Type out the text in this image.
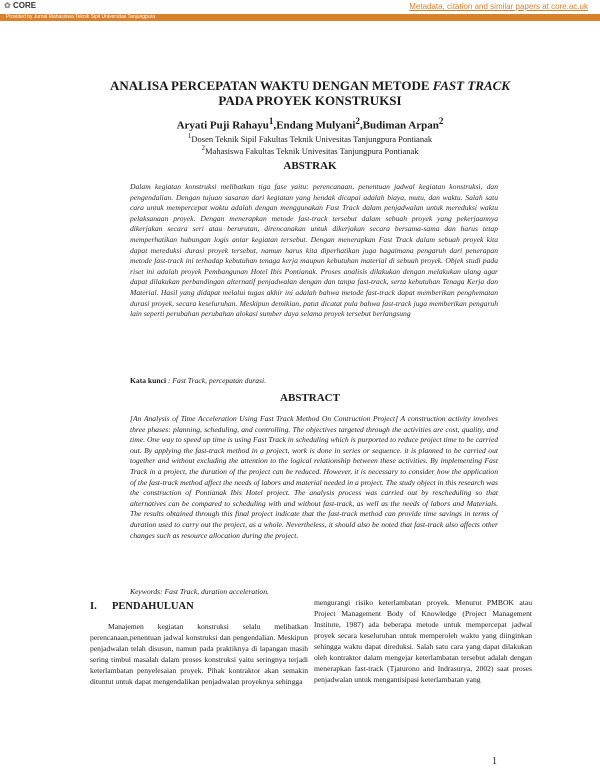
✿ CORE	Metadata, citation and similar papers at core.ac.uk
Provided by Jurnal Mahasiswa Teknik Sipil Universitas Tanjungpura
ANALISA PERCEPATAN WAKTU DENGAN METODE FAST TRACK
PADA PROYEK KONSTRUKSI
Aryati Puji Rahayu$^1$,Endang Mulyani$^2$,Budiman Arpan$^2$
$^1$Dosen Teknik Sipil Fakultas Teknik Univesitas Tanjungpura Pontianak
$^2$Mahasiswa Fakultas Teknik Univesitas Tanjungpura Pontianak
ABSTRAK
Dalam kegiatan konstruksi melibatkan tiga fase yaitu: perencanaan, penentuan jadwal kegiatan konstruksi, dan pengendalian. Dengan tujuan sasaran dari kegiatan yang hendak dicapai adalah biaya, mutu, dan waktu. Salah satu cara untuk mempercepat waktu adalah dengan menggunakan Fast Track dalam penjadwalan untuk mereduksi waktu pelaksanaan proyek. Dengan menerapkan metode fast-track tersebut dalam sebuah proyek yang pekerjaannya dikerjakan secara seri atau berurutan, direncanakan untuk dikerjakan secara bersama-sama dan harus tetap memperhatikan hubungan logis antar kegiatan tersebut. Dengan menerapkan Fast Track dalam sebuah proyek kita dapat mereduksi durasi proyek tersebut, namun harus kita diperhatikan juga bagaimana pengaruh dari penerapan metode fast-track ini terhadap kebutuhan tenaga kerja maupun kebutuhan material di sebuah proyek. Objek studi pada riset ini adalah proyek Pembangunan Hotel Ibis Pontianak. Proses analisis dilakukan dengan melakukan ulang agar dapat dilakukan perbandingan alternatif penjadwalan dengan dan tanpa fast-track, serta kebutuhan Tenaga Kerja dan Material. Hasil yang didapat melalui tugas akhir ini adalah bahwa metode fast-track dapat memberikan penghematan durasi proyek, secara keseluruhan. Meskipun demikian, patut dicatat pula bahwa fast-track juga memberikan pengaruh lain seperti perubahan perubahan alokasi sumber daya selama proyek tersebut berlangsung
Kata kunci : Fast Track, percepatan durasi.
ABSTRACT
[An Analysis of Time Acceleration Using Fast Track Method On Contruction Project] A construction activity involves three phases: planning, scheduling, and controlling. The objectives targeted through the activities are cost, quality, and time. One way to speed up time is using Fast Track in scheduling which is purported to reduce project time to be carried out. By applying the fast-track method in a project, work is done in series or sequence. it is planned to be carried out together and without excluding the attention to the logical relationship between these activities. By implementing Fast Track in a project, the duration of the project can be reduced. However, it is necessary to consider how the application of the fast-track method affect the needs of labors and material needed in a project. The study object in this research was the construction of Pontianak Ibis Hotel project. The analysis process was carried out by rescheduling so that alternatives can be compared to scheduling with and without fast-track, as well as the needs of labors and Materials. The results obtained through this final project indicate that the fast-track method can provide time savings in terms of duration used to carry out the project, as a whole. Nevertheless, it should also be noted that fast-track also affects other changes such as resource allocation during the project.
Keywords: Fast Track, duration acceleration.
I. PENDAHULUAN
Manajemen kegiatan konstruksi selalu melibatkan perencanaan,penentuan jadwal konstruksi dan pengendalian. Meskipun penjadwalan telah disusun, namun pada praktiknya di lapangan masih sering timbul masalah dalam proses konstruksi yaitu seringnya terjadi keterlambatan penyelesaian proyek. Pihak kontraktor akan semakin dituntut untuk dapat mengendalikan penjadwalan proyeknya sehingga
mengurangi risiko keterlambatan proyek. Menurut PMBOK atau Project Management Body of Knowledge (Project Management Institute, 1987) ada beberapa metode untuk mempercepat jadwal proyek secara keseluruhan untuk memperoleh waktu yang diinginkan sehingga waktu dapat direduksi. Salah satu cara yang dapat dilakukan oleh kontraktor dalam mengejar keterlambatan tersebut adalah dengan menerapkan fast-track (Tjaturono and Indrasurya, 2002) saat proses penjadwalan untuk mengantisipasi keterlambatan yang
1
